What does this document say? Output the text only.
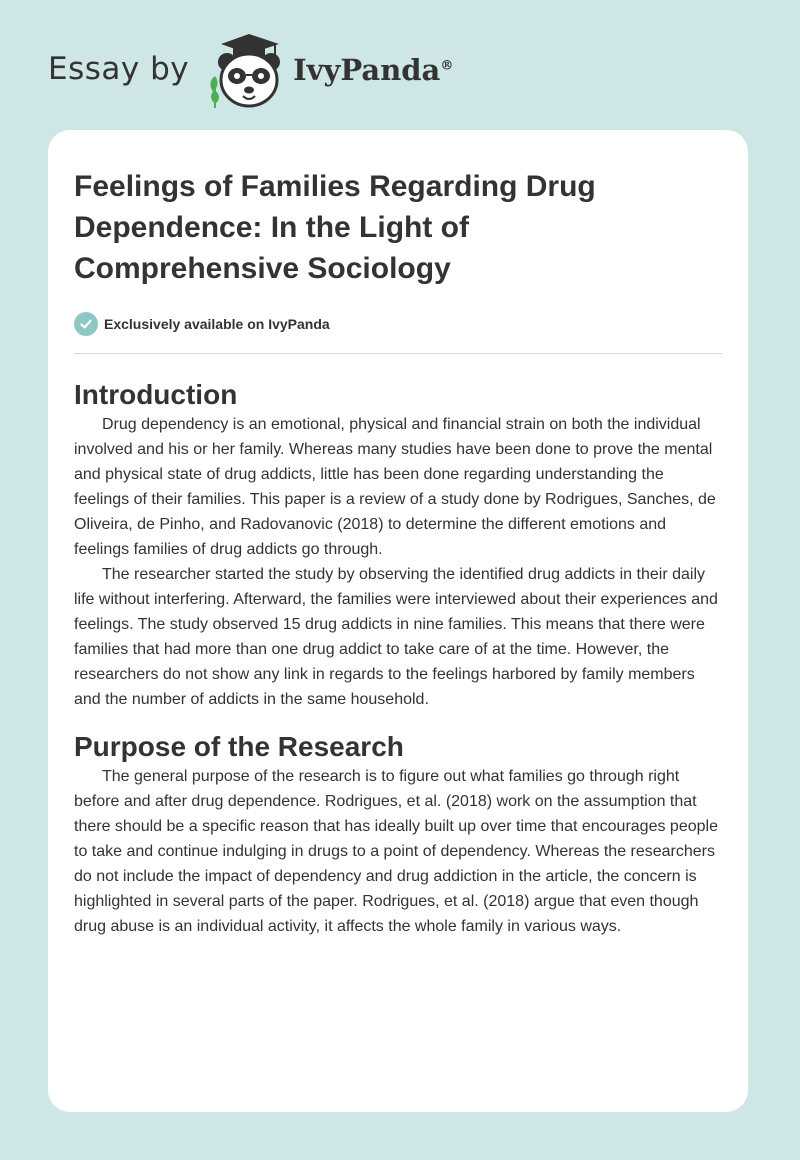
Essay by	IvyPanda®
Feelings of Families Regarding Drug Dependence: In the Light of Comprehensive Sociology
Exclusively available on IvyPanda
Introduction

Drug dependency is an emotional, physical and financial strain on both the individual involved and his or her family. Whereas many studies have been done to prove the mental and physical state of drug addicts, little has been done regarding understanding the feelings of their families. This paper is a review of a study done by Rodrigues, Sanches, de Oliveira, de Pinho, and Radovanovic (2018) to determine the different emotions and feelings families of drug addicts go through.

The researcher started the study by observing the identified drug addicts in their daily life without interfering. Afterward, the families were interviewed about their experiences and feelings. The study observed 15 drug addicts in nine families. This means that there were families that had more than one drug addict to take care of at the time. However, the researchers do not show any link in regards to the feelings harbored by family members and the number of addicts in the same household.

Purpose of the Research

The general purpose of the research is to figure out what families go through right before and after drug dependence. Rodrigues, et al. (2018) work on the assumption that there should be a specific reason that has ideally built up over time that encourages people to take and continue indulging in drugs to a point of dependency. Whereas the researchers do not include the impact of dependency and drug addiction in the article, the concern is highlighted in several parts of the paper. Rodrigues, et al. (2018) argue that even though drug abuse is an individual activity, it affects the whole family in various ways.
